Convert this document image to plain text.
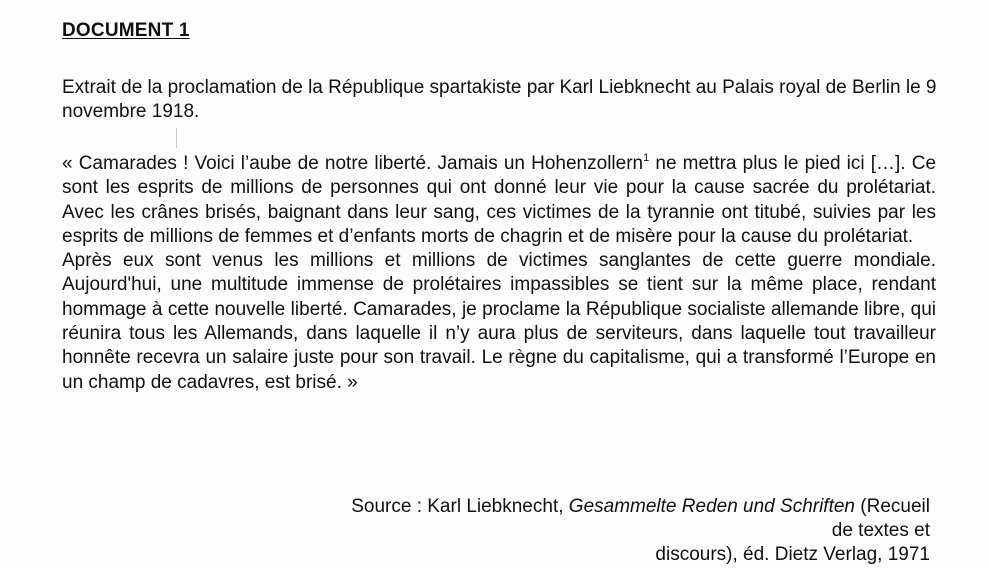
DOCUMENT 1
Extrait de la proclamation de la République spartakiste par Karl Liebknecht au Palais royal de Berlin le 9 novembre 1918.

« Camarades ! Voici l’aube de notre liberté. Jamais un Hohenzollern$^1$ ne mettra plus le pied ici […]. Ce sont les esprits de millions de personnes qui ont donné leur vie pour la cause sacrée du prolétariat. Avec les crânes brisés, baignant dans leur sang, ces victimes de la tyrannie ont titubé, suivies par les esprits de millions de femmes et d’enfants morts de chagrin et de misère pour la cause du prolétariat.

Après eux sont venus les millions et millions de victimes sanglantes de cette guerre mondiale. Aujourd'hui, une multitude immense de prolétaires impassibles se tient sur la même place, rendant hommage à cette nouvelle liberté. Camarades, je proclame la République socialiste allemande libre, qui réunira tous les Allemands, dans laquelle il n’y aura plus de serviteurs, dans laquelle tout travailleur honnête recevra un salaire juste pour son travail. Le règne du capitalisme, qui a transformé l’Europe en un champ de cadavres, est brisé. »

Source : Karl Liebknecht, Gesammelte Reden und Schriften (Recueil de textes et
discours), éd. Dietz Verlag, 1971
